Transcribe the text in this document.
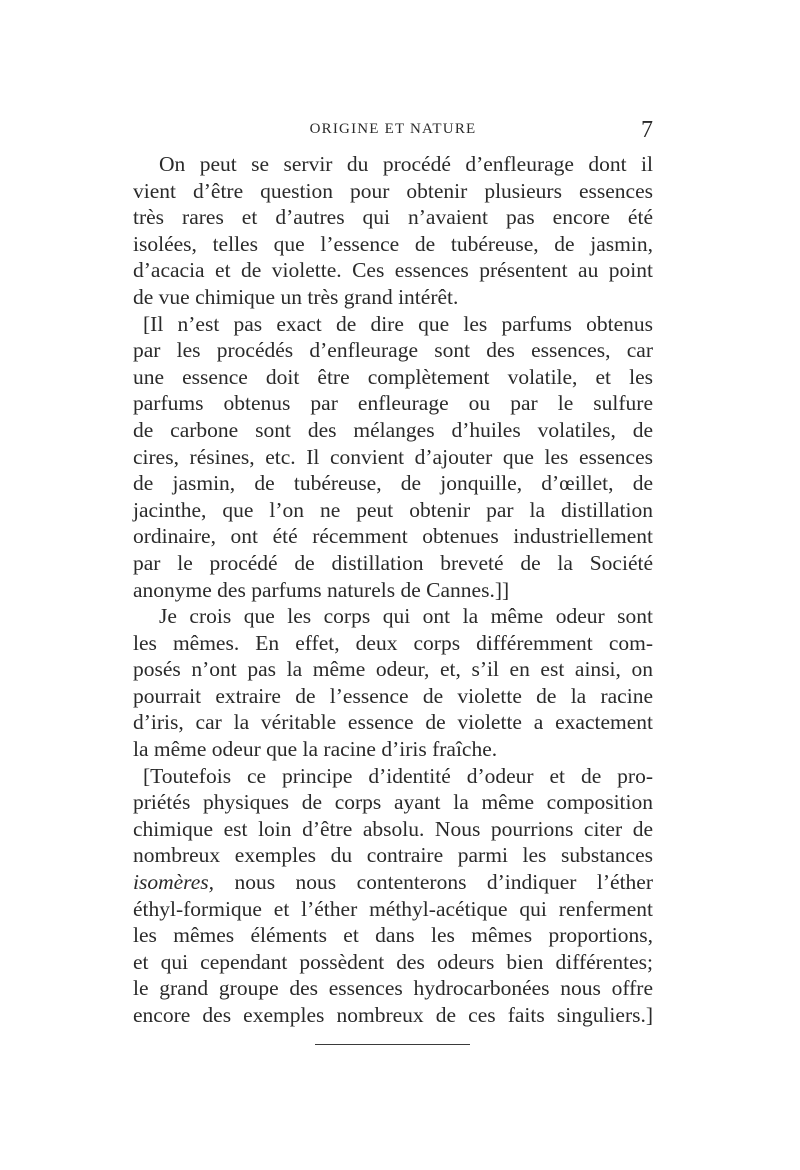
ORIGINE ET NATURE	7
On peut se servir du procédé d’enfleurage dont il
vient d’être question pour obtenir plusieurs essences
très rares et d’autres qui n’avaient pas encore été
isolées, telles que l’essence de tubéreuse, de jasmin,
d’acacia et de violette. Ces essences présentent au point
de vue chimique un très grand intérêt.
[Il n’est pas exact de dire que les parfums obtenus
par les procédés d’enfleurage sont des essences, car
une essence doit être complètement volatile, et les
parfums obtenus par enfleurage ou par le sulfure
de carbone sont des mélanges d’huiles volatiles, de
cires, résines, etc. Il convient d’ajouter que les essences
de jasmin, de tubéreuse, de jonquille, d’œillet, de
jacinthe, que l’on ne peut obtenir par la distillation
ordinaire, ont été récemment obtenues industriellement
par le procédé de distillation breveté de la Société
anonyme des parfums naturels de Cannes.]]
Je crois que les corps qui ont la même odeur sont
les mêmes. En effet, deux corps différemment com-
posés n’ont pas la même odeur, et, s’il en est ainsi, on
pourrait extraire de l’essence de violette de la racine
d’iris, car la véritable essence de violette a exactement
la même odeur que la racine d’iris fraîche.
[Toutefois ce principe d’identité d’odeur et de pro-
priétés physiques de corps ayant la même composition
chimique est loin d’être absolu. Nous pourrions citer de
nombreux exemples du contraire parmi les substances
isomères, nous nous contenterons d’indiquer l’éther
éthyl-formique et l’éther méthyl-acétique qui renferment
les mêmes éléments et dans les mêmes proportions,
et qui cependant possèdent des odeurs bien différentes;
le grand groupe des essences hydrocarbonées nous offre
encore des exemples nombreux de ces faits singuliers.]
